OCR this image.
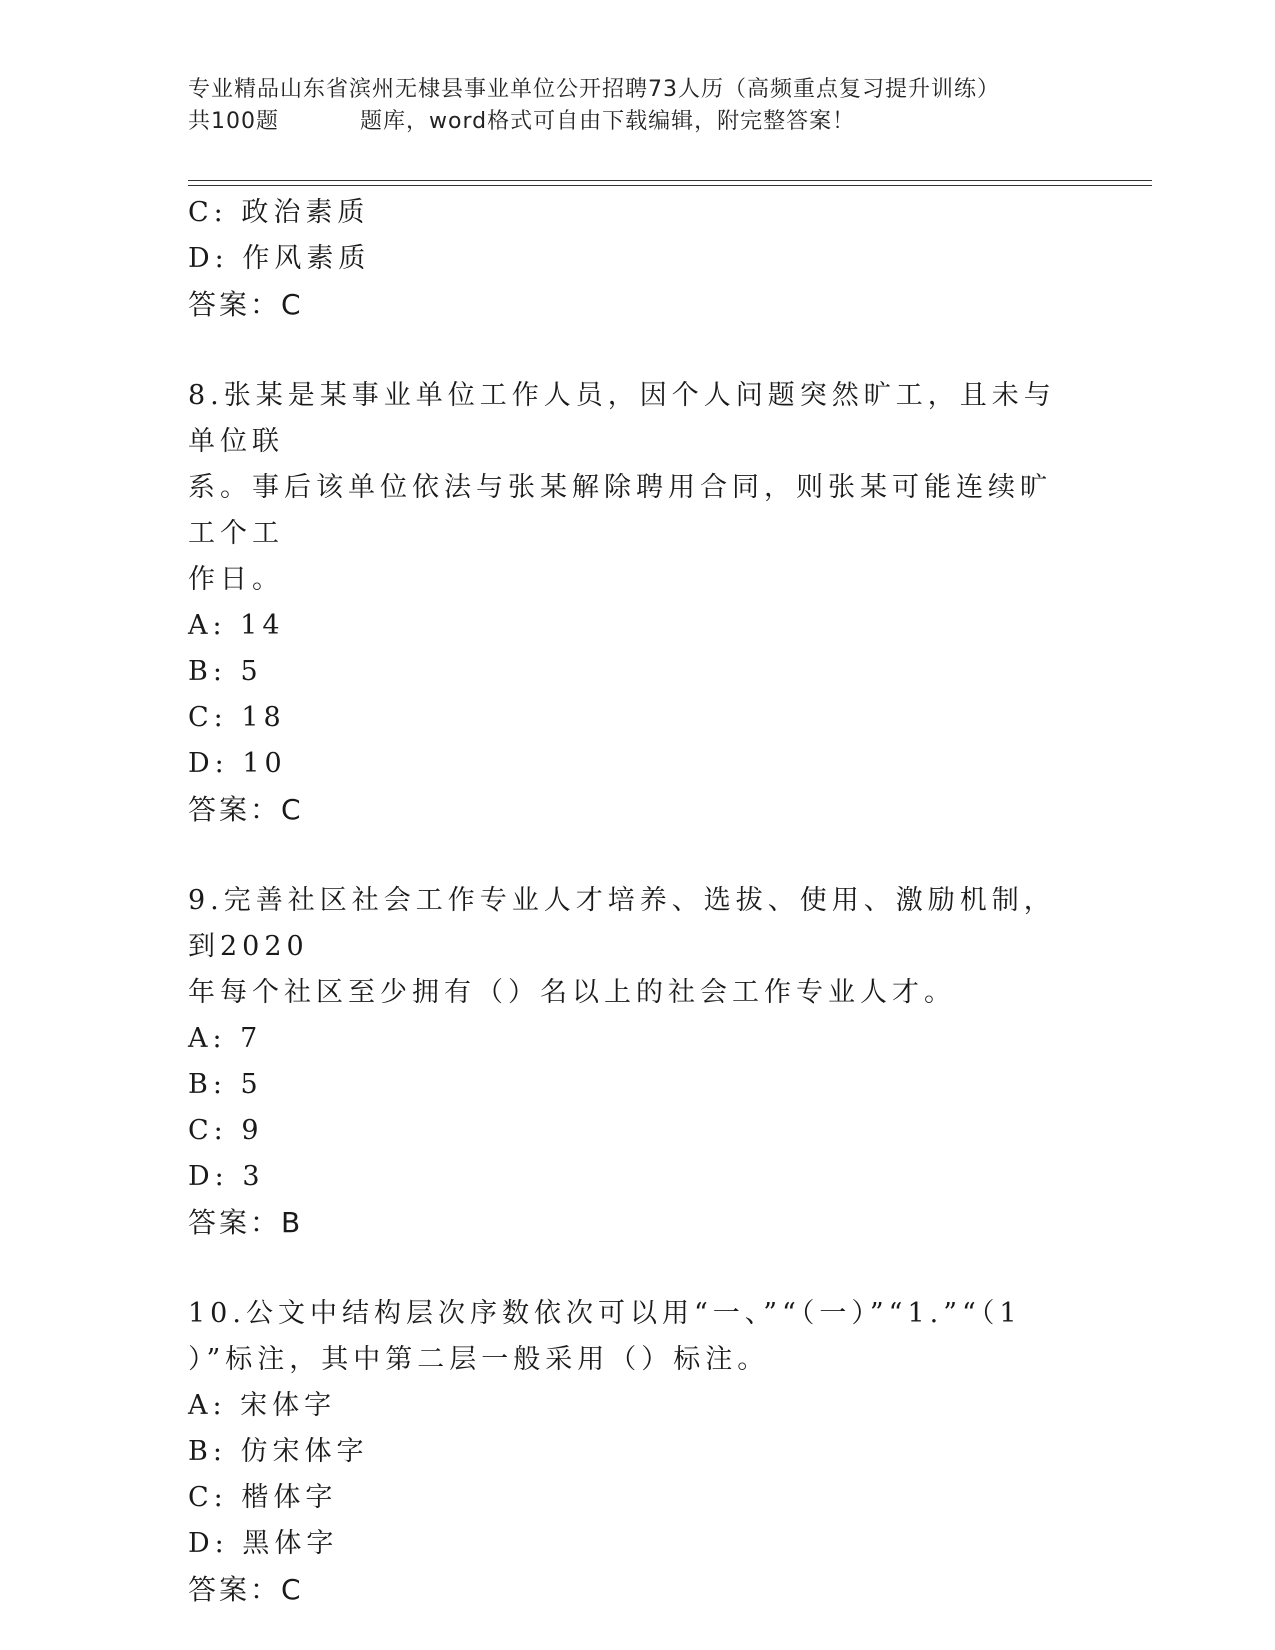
专业精品山东省滨州无棣县事业单位公开招聘73人历（高频重点复习提升训练）
共100题	题库，word格式可自由下载编辑，附完整答案！
C: 政治素质
D: 作风素质
答案：C
8.张某是某事业单位工作人员，因个人问题突然旷工，且未与单位联
系。事后该单位依法与张某解除聘用合同，则张某可能连续旷工个工
作日。
A: 14
B: 5
C: 18
D: 10
答案：C
9.完善社区社会工作专业人才培养、选拔、使用、激励机制，到2020
年每个社区至少拥有（）名以上的社会工作专业人才。
A: 7
B: 5
C: 9
D: 3
答案：B
10.公文中结构层次序数依次可以用“一、”“（一）”“1.”“（1
）”标注，其中第二层一般采用（）标注。
A: 宋体字
B: 仿宋体字
C: 楷体字
D: 黑体字
答案：C
